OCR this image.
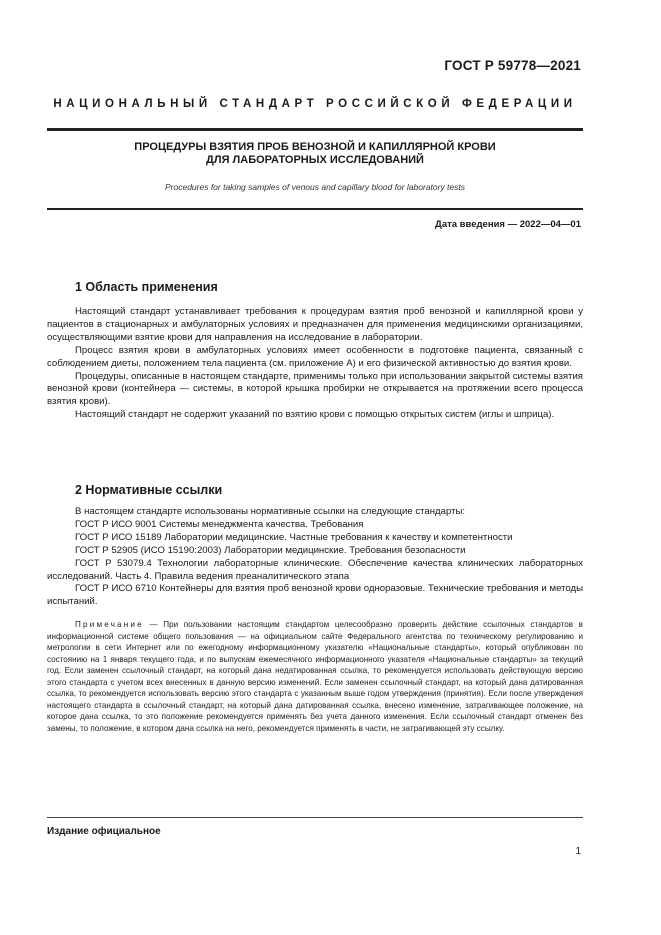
ГОСТ Р 59778—2021
НАЦИОНАЛЬНЫЙ СТАНДАРТ РОССИЙСКОЙ ФЕДЕРАЦИИ
ПРОЦЕДУРЫ ВЗЯТИЯ ПРОБ ВЕНОЗНОЙ И КАПИЛЛЯРНОЙ КРОВИ
ДЛЯ ЛАБОРАТОРНЫХ ИССЛЕДОВАНИЙ
Procedures for taking samples of venous and capillary blood for laboratory tests
Дата введения — 2022—04—01
1 Область применения

Настоящий стандарт устанавливает требования к процедурам взятия проб венозной и капиллярной крови у пациентов в стационарных и амбулаторных условиях и предназначен для применения медицинскими организациями, осуществляющими взятие крови для направления на исследование в лаборатории.

Процесс взятия крови в амбулаторных условиях имеет особенности в подготовке пациента, связанный с соблюдением диеты, положением тела пациента (см. приложение А) и его физической активностью до взятия крови.

Процедуры, описанные в настоящем стандарте, применимы только при использовании закрытой системы взятия венозной крови (контейнера — системы, в которой крышка пробирки не открывается на протяжении всего процесса взятия крови).

Настоящий стандарт не содержит указаний по взятию крови с помощью открытых систем (иглы и шприца).

2 Нормативные ссылки

В настоящем стандарте использованы нормативные ссылки на следующие стандарты:

ГОСТ Р ИСО 9001 Системы менеджмента качества. Требования

ГОСТ Р ИСО 15189 Лаборатории медицинские. Частные требования к качеству и компетентности

ГОСТ Р 52905 (ИСО 15190:2003) Лаборатории медицинские. Требования безопасности

ГОСТ Р 53079.4 Технологии лабораторные клинические. Обеспечение качества клинических лабораторных исследований. Часть 4. Правила ведения преаналитического этапа

ГОСТ Р ИСО 6710 Контейнеры для взятия проб венозной крови одноразовые. Технические требования и методы испытаний.

Примечание — При пользовании настоящим стандартом целесообразно проверить действие ссылочных стандартов в информационной системе общего пользования — на официальном сайте Федерального агентства по техническому регулированию и метрологии в сети Интернет или по ежегодному информационному указателю «Национальные стандарты», который опубликован по состоянию на 1 января текущего года, и по выпускам ежемесячного информационного указателя «Национальные стандарты» за текущий год. Если заменен ссылочный стандарт, на который дана недатированная ссылка, то рекомендуется использовать действующую версию этого стандарта с учетом всех внесенных в данную версию изменений. Если заменен ссылочный стандарт, на который дана датированная ссылка, то рекомендуется использовать версию этого стандарта с указанным выше годом утверждения (принятия). Если после утверждения настоящего стандарта в ссылочный стандарт, на который дана датированная ссылка, внесено изменение, затрагивающее положение, на которое дана ссылка, то это положение рекомендуется применять без учета данного изменения. Если ссылочный стандарт отменен без замены, то положение, в котором дана ссылка на него, рекомендуется применять в части, не затрагивающей эту ссылку.

Издание официальное
1
